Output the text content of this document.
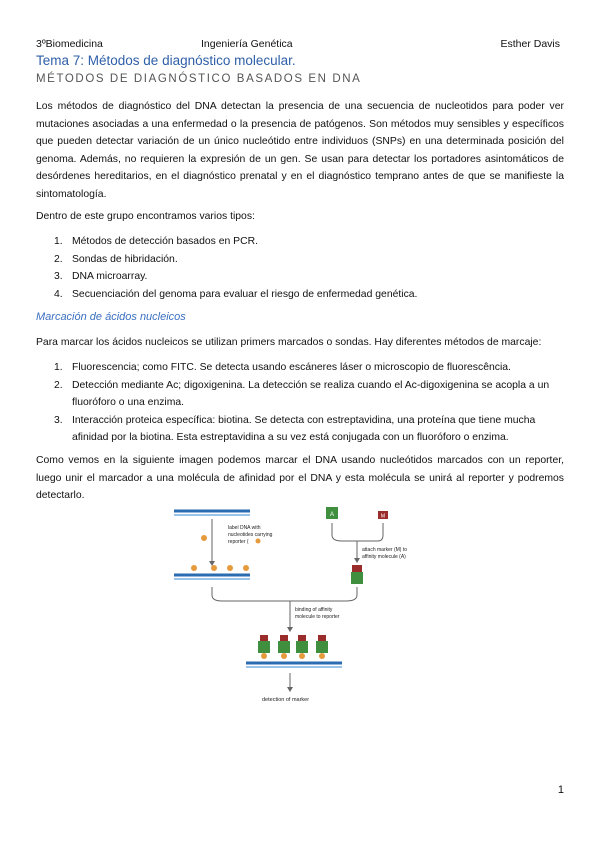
3ºBiomedicina	Ingeniería Genética	Esther Davis
Tema 7: Métodos de diagnóstico molecular.
MÉTODOS DE DIAGNÓSTICO BASADOS EN DNA

Los métodos de diagnóstico del DNA detectan la presencia de una secuencia de nucleotidos para poder ver mutaciones asociadas a una enfermedad o la presencia de patógenos. Son métodos muy sensibles y específicos que pueden detectar variación de un único nucleótido entre individuos (SNPs) en una determinada posición del genoma. Además, no requieren la expresión de un gen. Se usan para detectar los portadores asintomáticos de desórdenes hereditarios, en el diagnóstico prenatal y en el diagnóstico temprano antes de que se manifieste la sintomatología.

Dentro de este grupo encontramos varios tipos:

1. Métodos de detección basados en PCR.
2. Sondas de hibridación.
3. DNA microarray.
4. Secuenciación del genoma para evaluar el riesgo de enfermedad genética.
Marcación de ácidos nucleicos

Para marcar los ácidos nucleicos se utilizan primers marcados o sondas. Hay diferentes métodos de marcaje:

1. Fluorescencia; como FITC. Se detecta usando escáneres láser o microscopio de fluorescência.
2. Detección mediante Ac; digoxigenina. La detección se realiza cuando el Ac-digoxigenina se acopla a un fluoróforo o una enzima.
3. Interacción proteica específica: biotina. Se detecta con estreptavidina, una proteína que tiene mucha afinidad por la biotina. Esta estreptavidina a su vez está conjugada con un fluoróforo o enzima.

Como vemos en la siguiente imagen podemos marcar el DNA usando nucleótidos marcados con un reporter, luego unir el marcador a una molécula de afinidad por el DNA y esta molécula se unirá al reporter y podremos detectarlo.

label DNA with
nucleotides carrying
reporter (
A	M
attach marker (M) to
affinity molecule (A)
binding of affinity
molecule to reporter
detection of marker
1
